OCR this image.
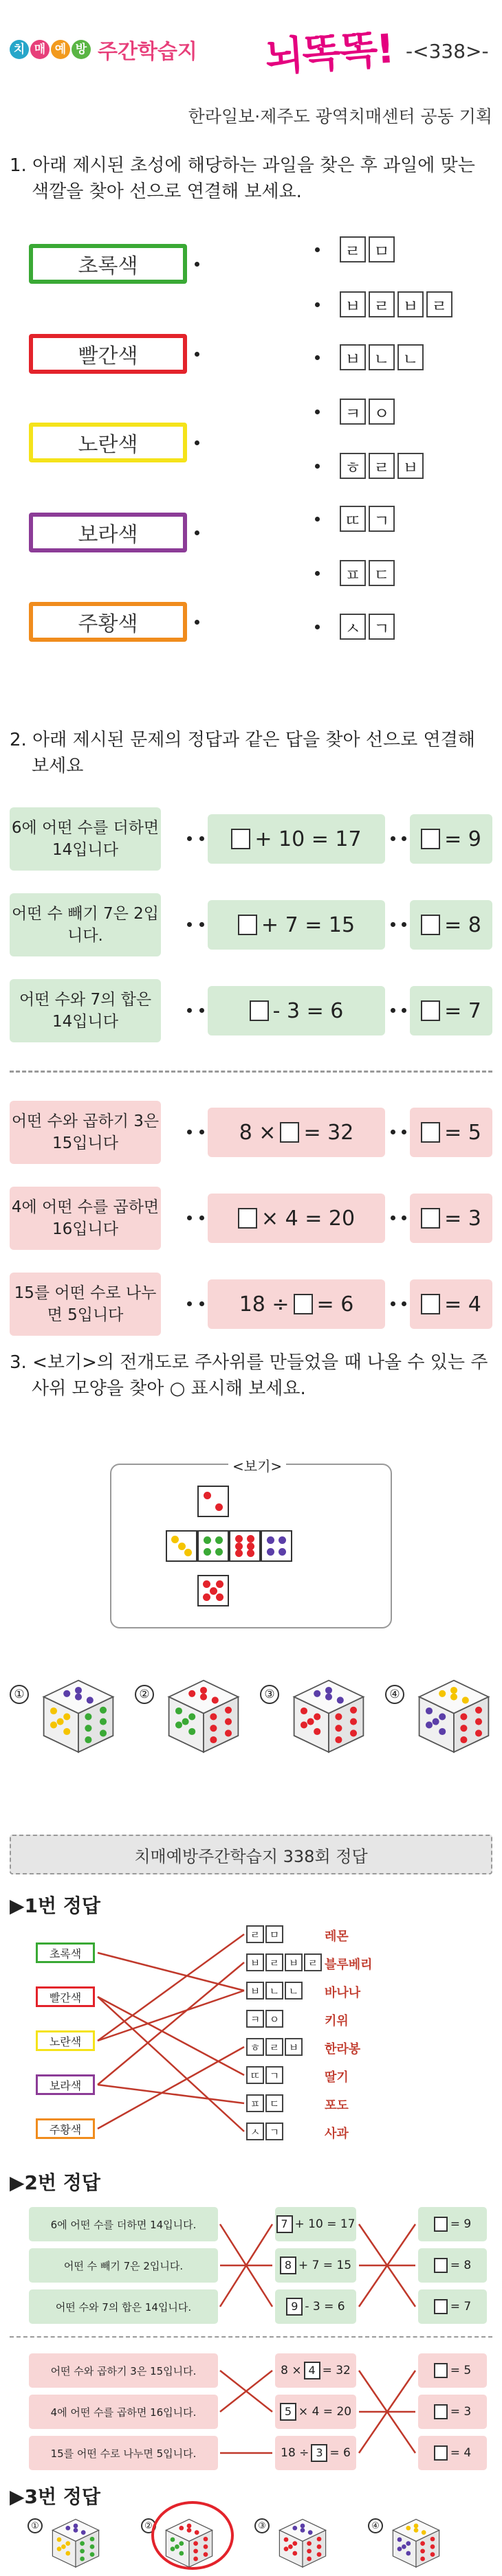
치 매 예 방 주간학습지 뇌똑똑! -<338>-
한라일보·제주도 광역치매센터 공동 기획
1. 아래 제시된 초성에 해당하는 과일을 찾은 후 과일에 맞는 색깔을 찾아 선으로 연결해 보세요.
초록색
빨간색
노란색
보라색
주황색
ㄹ ㅁ
ㅂ ㄹ ㅂ ㄹ
ㅂ ㄴ ㄴ
ㅋ ㅇ
ㅎ ㄹ ㅂ
ㄸ ㄱ
ㅍ ㄷ
ㅅ ㄱ
2. 아래 제시된 문제의 정답과 같은 답을 찾아 선으로 연결해 보세요
6에 어떤 수를 더하면 14입니다	+ 10 = 17	= 9
어떤 수 빼기 7은 2입니다.	+ 7 = 15	= 8
어떤 수와 7의 합은 14입니다	- 3 = 6	= 7
어떤 수와 곱하기 3은 15입니다	8 × = 32	= 5
4에 어떤 수를 곱하면 16입니다	× 4 = 20	= 3
15를 어떤 수로 나누면 5입니다	18 ÷ = 6	= 4
3. <보기>의 전개도로 주사위를 만들었을 때 나올 수 있는 주사위 모양을 찾아 ○ 표시해 보세요.
<보기>
①	②	③	④
치매예방주간학습지 338회 정답
▶1번 정답
초록색
빨간색
노란색
보라색
주황색
ㄹ ㅁ	레몬
ㅂ ㄹ ㅂ ㄹ 블루베리
ㅂ ㄴ ㄴ	바나나
ㅋ ㅇ	키위
ㅎ ㄹ ㅂ	한라봉
ㄸ ㄱ	딸기
ㅍ ㄷ	포도
ㅅ ㄱ	사과
▶2번 정답
6에 어떤 수를 더하면 14입니다.	7 + 10 = 17	= 9
어떤 수 빼기 7은 2입니다.	8 + 7 = 15	= 8
어떤 수와 7의 합은 14입니다.	9 - 3 = 6	= 7
어떤 수와 곱하기 3은 15입니다.	8 × 4 = 32	= 5
4에 어떤 수를 곱하면 16입니다.	5 × 4 = 20	= 3
15를 어떤 수로 나누면 5입니다.	18 ÷ 3 = 6	= 4
▶3번 정답
①	②	③	④
